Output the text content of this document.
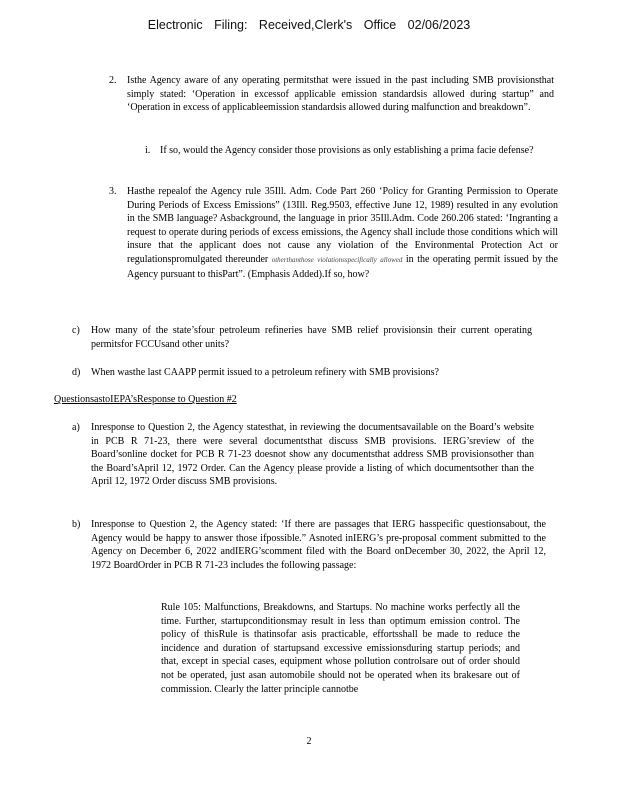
Electronic Filing: Received,Clerk's Office 02/06/2023
2. Isthe Agency aware of any operating permitsthat were issued in the past including SMB provisionsthat simply stated: ‘Operation in excessof applicable emission standardsis allowed during startup” and ‘Operation in excess of applicableemission standardsis allowed during malfunction and breakdown”.
i. If so, would the Agency consider those provisions as only establishing a prima facie defense?
3. Hasthe repealof the Agency rule 35Ill. Adm. Code Part 260 ‘Policy for Granting Permission to Operate During Periods of Excess Emissions” (13Ill. Reg.9503, effective June 12, 1989) resulted in any evolution in the SMB language? Asbackground, the language in prior 35Ill.Adm. Code 260.206 stated: ‘Ingranting a request to operate during periods of excess emissions, the Agency shall include those conditions which will insure that the applicant does not cause any violation of the Environmental Protection Act or regulationspromulgated thereunder otherthanthose violationsspecifically allowed in the operating permit issued by the Agency pursuant to thisPart”. (Emphasis Added).If so, how?
c) How many of the state’sfour petroleum refineries have SMB relief provisionsin their current operating permitsfor FCCUsand other units?
d) When wasthe last CAAPP permit issued to a petroleum refinery with SMB provisions?
QuestionsastoIEPA’sResponse to Question #2
a) Inresponse to Question 2, the Agency statesthat, in reviewing the documentsavailable on the Board’s website in PCB R 71-23, there were several documentsthat discuss SMB provisions. IERG’sreview of the Board’sonline docket for PCB R 71-23 doesnot show any documentsthat address SMB provisionsother than the Board’sApril 12, 1972 Order. Can the Agency please provide a listing of which documentsother than the April 12, 1972 Order discuss SMB provisions.
b) Inresponse to Question 2, the Agency stated: ‘If there are passages that IERG hasspecific questionsabout, the Agency would be happy to answer those ifpossible.” Asnoted inIERG’s pre-proposal comment submitted to the Agency on December 6, 2022 andIERG’scomment filed with the Board onDecember 30, 2022, the April 12, 1972 BoardOrder in PCB R 71-23 includes the following passage:
Rule 105: Malfunctions, Breakdowns, and Startups. No machine works perfectly all the time. Further, startupconditionsmay result in less than optimum emission control. The policy of thisRule is thatinsofar asis practicable, effortsshall be made to reduce the incidence and duration of startupsand excessive emissionsduring startup periods; and that, except in special cases, equipment whose pollution controlsare out of order should not be operated, just asan automobile should not be operated when its brakesare out of commission. Clearly the latter principle cannotbe
2
